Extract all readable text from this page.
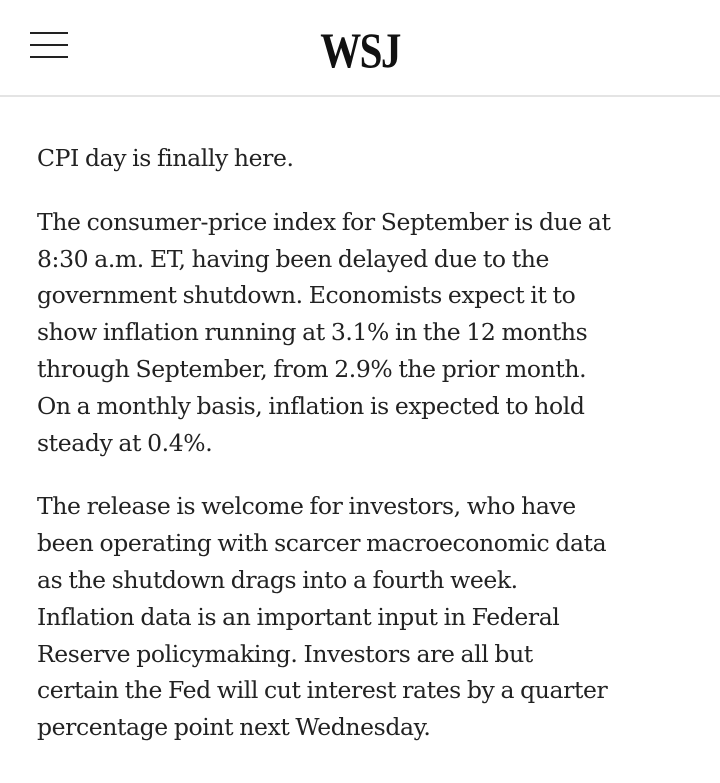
WSJ

CPI day is finally here.

The consumer-price index for September is due at
8:30 a.m. ET, having been delayed due to the
government shutdown. Economists expect it to
show inflation running at 3.1% in the 12 months
through September, from 2.9% the prior month.
On a monthly basis, inflation is expected to hold
steady at 0.4%.

The release is welcome for investors, who have
been operating with scarcer macroeconomic data
as the shutdown drags into a fourth week.
Inflation data is an important input in Federal
Reserve policymaking. Investors are all but
certain the Fed will cut interest rates by a quarter
percentage point next Wednesday.
